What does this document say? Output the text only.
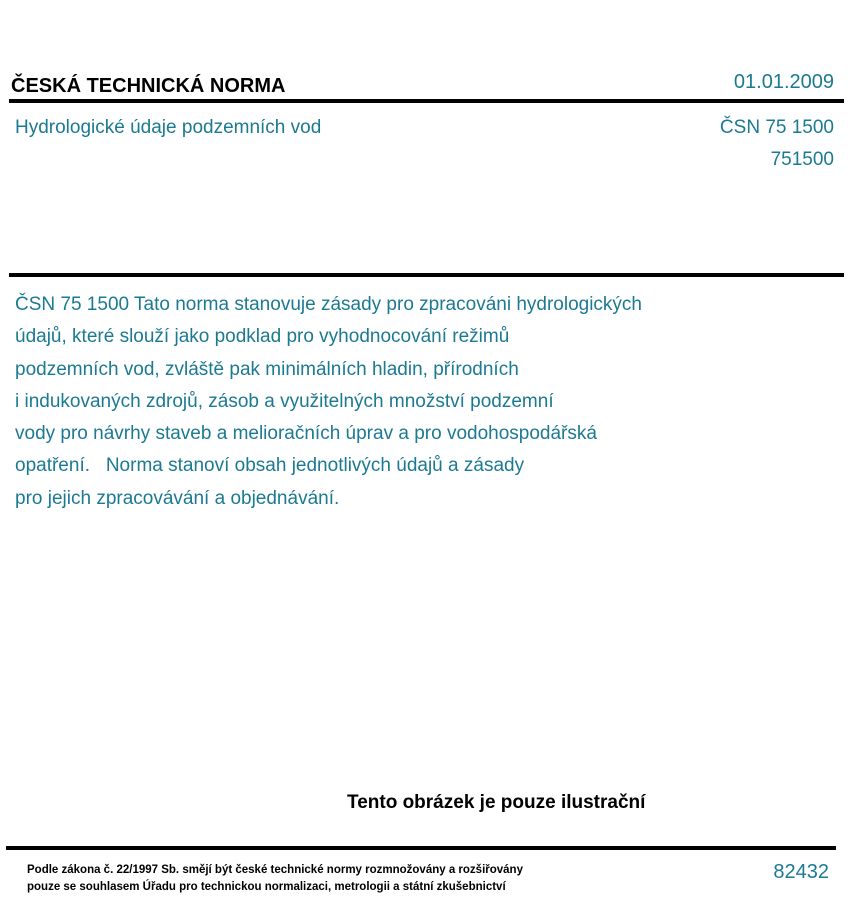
ČESKÁ TECHNICKÁ NORMA	01.01.2009
Hydrologické údaje podzemních vod	ČSN 75 1500
751500

ČSN 75 1500 Tato norma stanovuje zásady pro zpracováni hydrologických
údajů, které slouží jako podklad pro vyhodnocování režimů
podzemních vod, zvláště pak minimálních hladin, přírodních
i indukovaných zdrojů, zásob a využitelných množství podzemní
vody pro návrhy staveb a melioračních úprav a pro vodohospodářská
opatření.   Norma stanoví obsah jednotlivých údajů a zásady
pro jejich zpracovávání a objednávání.

Tento obrázek je pouze ilustrační
Podle zákona č. 22/1997 Sb. smějí být české technické normy rozmnožovány a rozšiřovány
pouze se souhlasem Úřadu pro technickou normalizaci, metrologii a státní zkušebnictví
82432
